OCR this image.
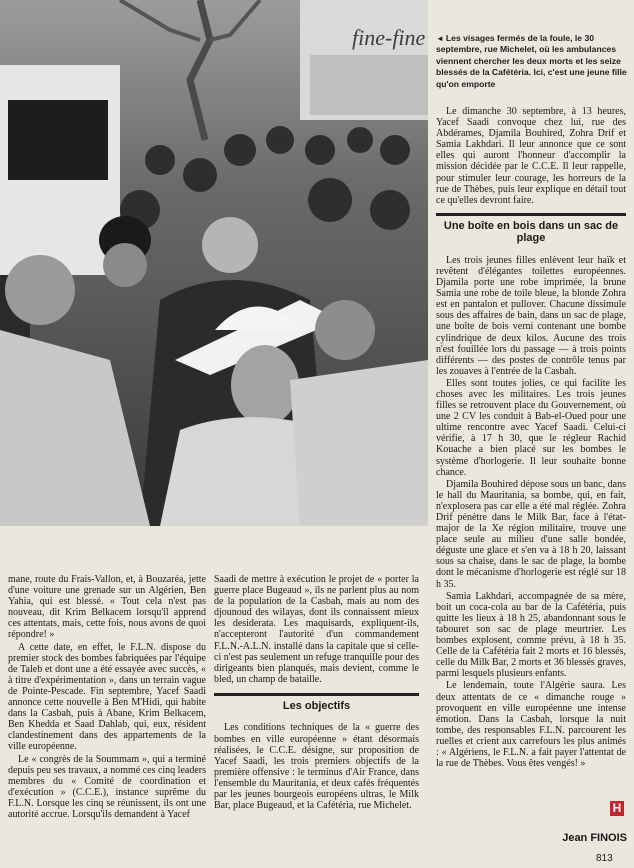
fine-fine ◄ Les visages fermés de la foule, le 30 septembre, rue Michelet, où les ambulances viennent chercher les deux morts et les seize blessés de la Cafétéria. Ici, c'est une jeune fille qu'on emporte

mane, route du Frais-Vallon, et, à Bouzaréa, jette d'une voiture une grenade sur un Algérien, Ben Yahia, qui est blessé. « Tout cela n'est pas nouveau, dit Krim Belkacem lorsqu'il apprend ces attentats, mais, cette fois, nous avons de quoi répondre! »

A cette date, en effet, le F.L.N. dispose du premier stock des bombes fabriquées par l'équipe de Taleb et dont une a été essayée avec succès, « à titre d'expérimentation », dans un terrain vague de Pointe-Pescade. Fin septembre, Yacef Saadi annonce cette nouvelle à Ben M'Hidi, qui habite dans la Casbah, puis à Abane, Krim Belkacem, Ben Khedda et Saad Dahlab, qui, eux, résident clandestinement dans des appartements de la ville européenne.

Le « congrès de la Soummam », qui a terminé depuis peu ses travaux, a nommé ces cinq leaders membres du « Comité de coordination et d'exécution » (C.C.E.), instance suprême du F.L.N. Lorsque les cinq se réunissent, ils ont une autorité accrue. Lorsqu'ils demandent à Yacef

Saadi de mettre à exécution le projet de « porter la guerre place Bugeaud », ils ne parlent plus au nom de la population de la Casbah, mais au nom des djounoud des wilayas, dont ils connaissent mieux les desiderata. Les maquisards, expliquent-ils, n'accepteront l'autorité d'un commandement F.L.N.-A.L.N. installé dans la capitale que si celle-ci n'est pas seulement un refuge tranquille pour des dirigeants bien planqués, mais devient, comme le bled, un champ de bataille.

Les objectifs

Les conditions techniques de la « guerre des bombes en ville européenne » étant désormais réalisées, le C.C.E. désigne, sur proposition de Yacef Saadi, les trois premiers objectifs de la première offensive : le terminus d'Air France, dans l'ensemble du Mauritania, et deux cafés fréquentés par les jeunes bourgeois européens ultras, le Milk Bar, place Bugeaud, et la Cafétéria, rue Michelet.

Le dimanche 30 septembre, à 13 heures, Yacef Saadi convoque chez lui, rue des Abdérames, Djamila Bouhired, Zohra Drif et Samia Lakhdari. Il leur annonce que ce sont elles qui auront l'honneur d'accomplir la mission décidée par le C.C.E. Il leur rappelle, pour stimuler leur courage, les horreurs de la rue de Thèbes, puis leur explique en détail tout ce qu'elles devront faire.

Une boîte en bois dans un sac de plage

Les trois jeunes filles enlèvent leur haïk et revêtent d'élégantes toilettes européennes. Djamila porte une robe imprimée, la brune Samia une robe de toile bleue, la blonde Zohra est en pantalon et pullover. Chacune dissimule sous des affaires de bain, dans un sac de plage, une boîte de bois verni contenant une bombe cylindrique de deux kilos. Aucune des trois n'est fouillée lors du passage — à trois points différents — des postes de contrôle tenus par les zouaves à l'entrée de la Casbah.

Elles sont toutes jolies, ce qui facilite les choses avec les militaires. Les trois jeunes filles se retrouvent place du Gouvernement, où une 2 CV les conduit à Bab-el-Oued pour une ultime rencontre avec Yacef Saadi. Celui-ci vérifie, à 17 h 30, que le régleur Rachid Kouache a bien placé sur les bombes le système d'horlogerie. Il leur souhaite bonne chance.

Djamila Bouhired dépose sous un banc, dans le hall du Mauritania, sa bombe, qui, en fait, n'explosera pas car elle a été mal réglée. Zohra Drif pénètre dans le Milk Bar, face à l'état-major de la Xe région militaire, trouve une place seule au milieu d'une salle bondée, déguste une glace et s'en va à 18 h 20, laissant sous sa chaise, dans le sac de plage, la bombe dont le mécanisme d'horlogerie est réglé sur 18 h 35.

Samia Lakhdari, accompagnée de sa mère, boit un coca-cola au bar de la Cafétéria, puis quitte les lieux à 18 h 25, abandonnant sous le tabouret son sac de plage meurtrier. Les bombes explosent, comme prévu, à 18 h 35. Celle de la Cafétéria fait 2 morts et 16 blessés, celle du Milk Bar, 2 morts et 36 blessés graves, parmi lesquels plusieurs enfants.

Le lendemain, toute l'Algérie saura. Les deux attentats de ce « dimanche rouge » provoquent en ville européenne une intense émotion. Dans la Casbah, lorsque la nuit tombe, des responsables F.L.N. parcourent les ruelles et crient aux carrefours les plus animés : « Algériens, le F.L.N. a fait payer l'attentat de la rue de Thèbes. Vous êtes vengés! »

H
Jean FINOIS
813
